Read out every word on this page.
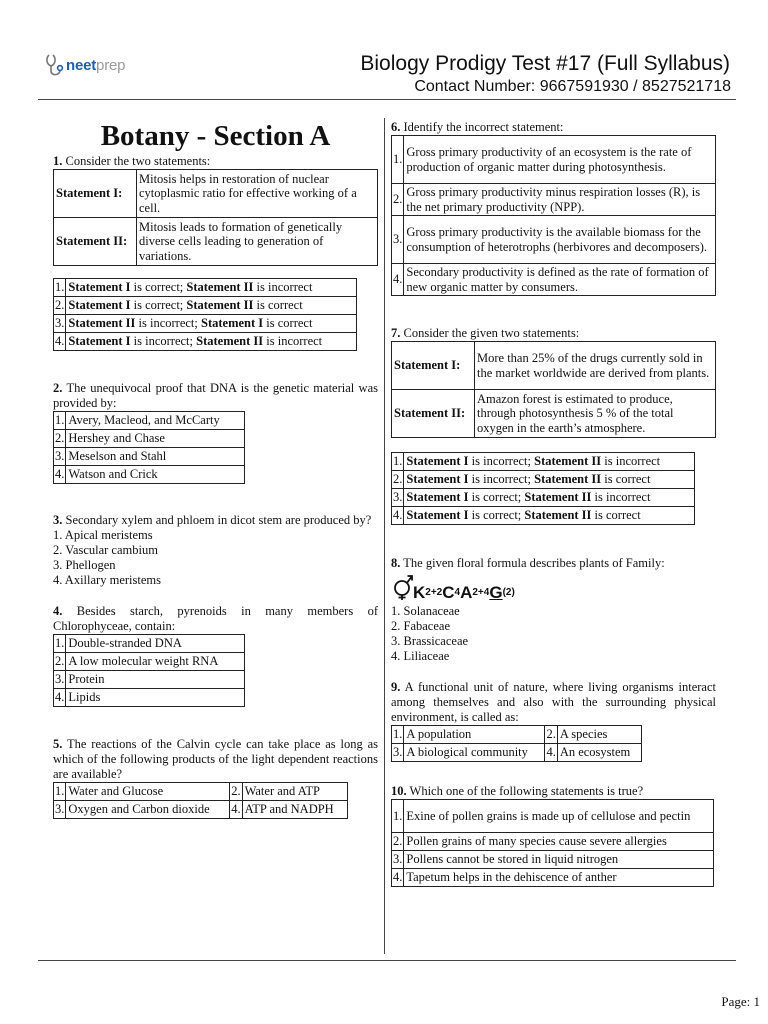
neetprep	Biology Prodigy Test #17 (Full Syllabus)
Contact Number: 9667591930 / 8527521718
Botany - Section A

1. Consider the two statements:

Statement I:	Mitosis helps in restoration of nuclear cytoplasmic ratio for effective working of a cell.
Statement II:	Mitosis leads to formation of genetically diverse cells leading to generation of variations.
1.	Statement I is correct; Statement II is incorrect
2.	Statement I is correct; Statement II is correct
3.	Statement II is incorrect; Statement I is correct
4.	Statement I is incorrect; Statement II is incorrect

2. The unequivocal proof that DNA is the genetic material was provided by:

1.	Avery, Macleod, and McCarty
2.	Hershey and Chase
3.	Meselson and Stahl
4.	Watson and Crick

3. Secondary xylem and phloem in dicot stem are produced by?

1. Apical meristems

2. Vascular cambium

3. Phellogen

4. Axillary meristems

4. Besides starch, pyrenoids in many members of Chlorophyceae, contain:

1.	Double-stranded DNA
2.	A low molecular weight RNA
3.	Protein
4.	Lipids

5. The reactions of the Calvin cycle can take place as long as which of the following products of the light dependent reactions are available?

1.	Water and Glucose	2.	Water and ATP
3.	Oxygen and Carbon dioxide	4.	ATP and NADPH

6. Identify the incorrect statement:

1.	Gross primary productivity of an ecosystem is the rate of production of organic matter during photosynthesis.
2.	Gross primary productivity minus respiration losses (R), is the net primary productivity (NPP).
3.	Gross primary productivity is the available biomass for the consumption of heterotrophs (herbivores and decomposers).
4.	Secondary productivity is defined as the rate of formation of new organic matter by consumers.

7. Consider the given two statements:

Statement I:	More than 25% of the drugs currently sold in the market worldwide are derived from plants.
Statement II:	Amazon forest is estimated to produce, through photosynthesis 5 % of the total oxygen in the earth’s atmosphere.
1.	Statement I is incorrect; Statement II is incorrect
2.	Statement I is incorrect; Statement II is correct
3.	Statement I is correct; Statement II is incorrect
4.	Statement I is correct; Statement II is correct

8. The given floral formula describes plants of Family:

K 2+2 C 4 A 2+4 G (2)

1. Solanaceae

2. Fabaceae

3. Brassicaceae

4. Liliaceae

9. A functional unit of nature, where living organisms interact among themselves and also with the surrounding physical environment, is called as:

1.	A population	2.	A species
3.	A biological community	4.	An ecosystem

10. Which one of the following statements is true?

1.	Exine of pollen grains is made up of cellulose and pectin
2.	Pollen grains of many species cause severe allergies
3.	Pollens cannot be stored in liquid nitrogen
4.	Tapetum helps in the dehiscence of anther
Page: 1
